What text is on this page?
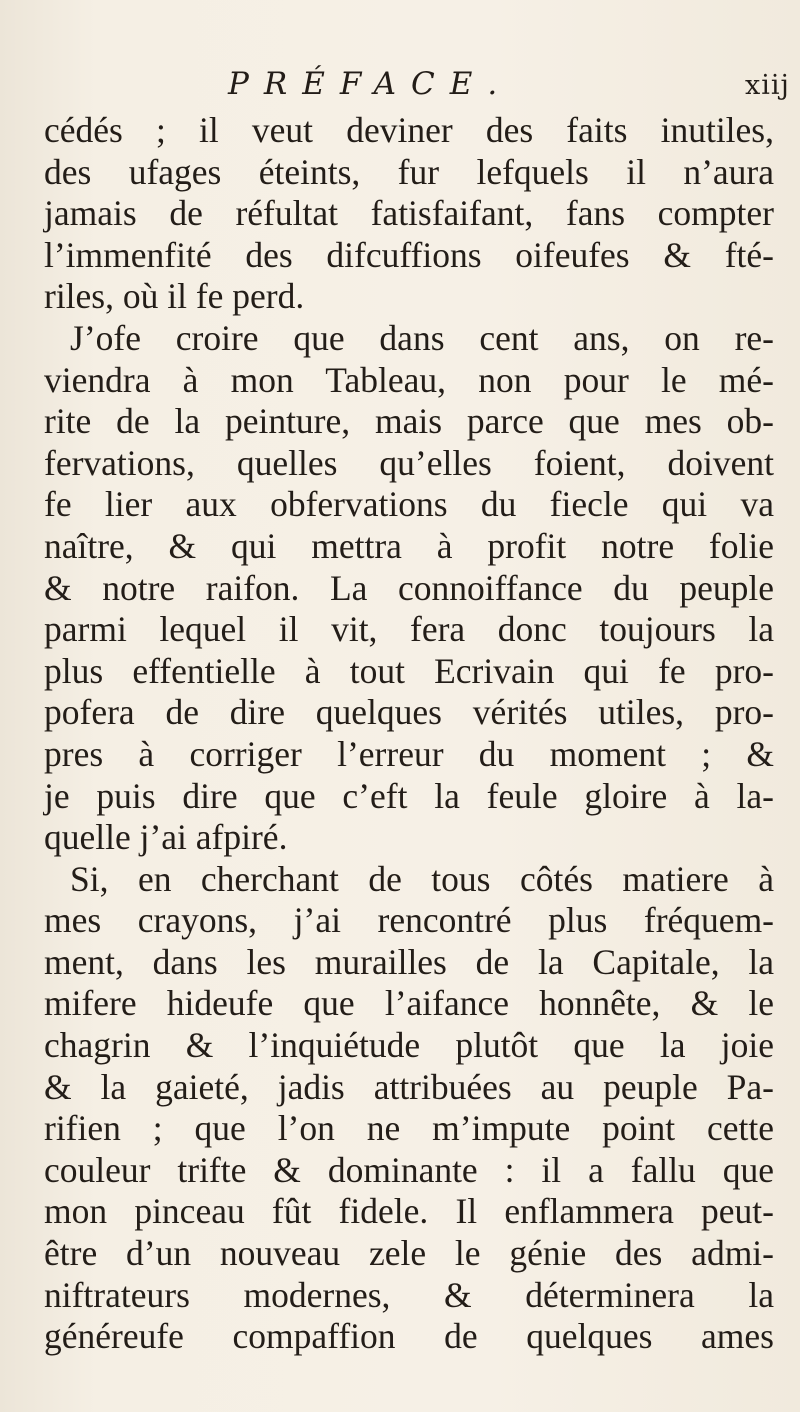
PRÉFACE.	xiij
cédés ; il veut deviner des faits inutiles,
des ufages éteints, fur lefquels il n’aura
jamais de réfultat fatisfaifant, fans compter
l’immenfité des difcuffions oifeufes & fté-
riles, où il fe perd.
J’ofe croire que dans cent ans, on re-
viendra à mon Tableau, non pour le mé-
rite de la peinture, mais parce que mes ob-
fervations, quelles qu’elles foient, doivent
fe lier aux obfervations du fiecle qui va
naître, & qui mettra à profit notre folie
& notre raifon. La connoiffance du peuple
parmi lequel il vit, fera donc toujours la
plus effentielle à tout Ecrivain qui fe pro-
pofera de dire quelques vérités utiles, pro-
pres à corriger l’erreur du moment ; &
je puis dire que c’eft la feule gloire à la-
quelle j’ai afpiré.
Si, en cherchant de tous côtés matiere à
mes crayons, j’ai rencontré plus fréquem-
ment, dans les murailles de la Capitale, la
mifere hideufe que l’aifance honnête, & le
chagrin & l’inquiétude plutôt que la joie
& la gaieté, jadis attribuées au peuple Pa-
rifien ; que l’on ne m’impute point cette
couleur trifte & dominante : il a fallu que
mon pinceau fût fidele. Il enflammera peut-
être d’un nouveau zele le génie des admi-
niftrateurs modernes, & déterminera la
généreufe compaffion de quelques ames
